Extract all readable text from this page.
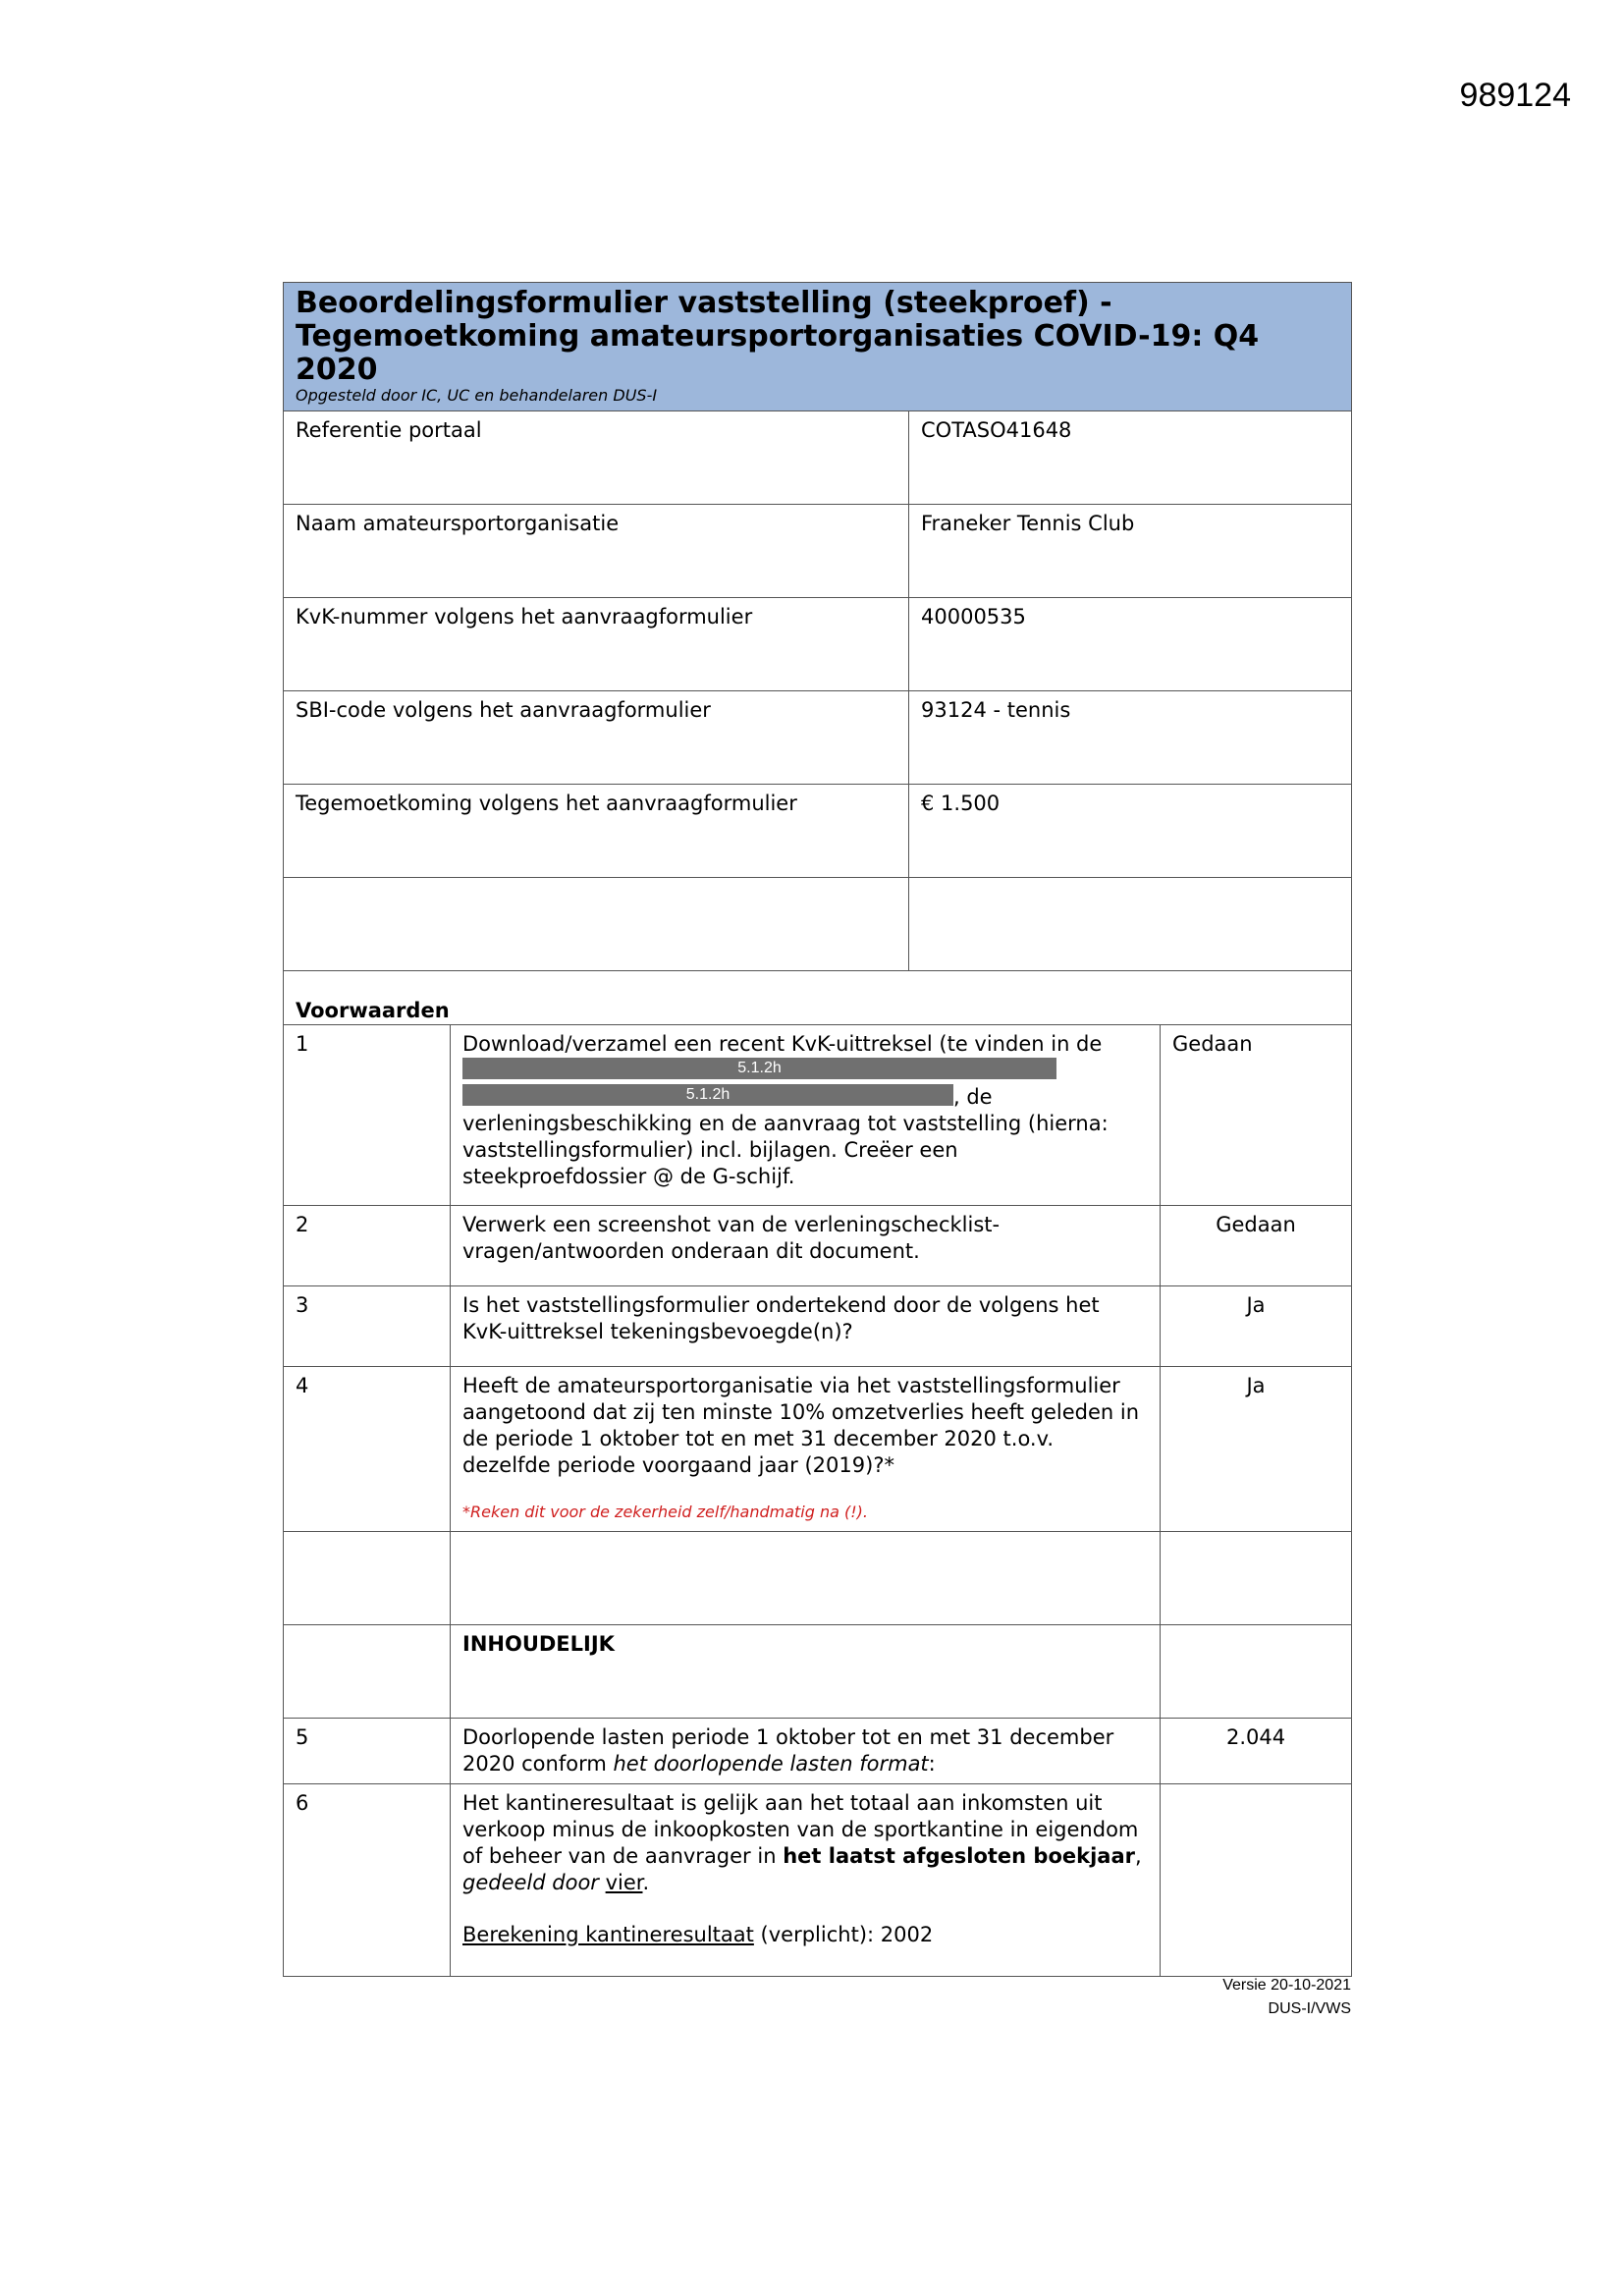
989124
Beoordelingsformulier vaststelling (steekproef) -
Tegemoetkoming amateursportorganisaties COVID-19: Q4 2020
Opgesteld door IC, UC en behandelaren DUS-I			

Referentie portaal		COTASO41648	
Naam amateursportorganisatie		Franeker Tennis Club	
KvK-nummer volgens het aanvraagformulier		40000535	
SBI-code volgens het aanvraagformulier		93124 - tennis	
Tegemoetkoming volgens het aanvraagformulier		€ 1.500	

Voorwaarden			
1	Download/verzamel een recent KvK-uittreksel (te vinden in de
5.1.2h
5.1.2h , de
verleningsbeschikking en de aanvraag tot vaststelling (hierna: vaststellingsformulier) incl. bijlagen. Creëer een steekproefdossier @ de G-schijf.		Gedaan
2	Verwerk een screenshot van de verleningschecklist-vragen/antwoorden onderaan dit document.		Gedaan
3	Is het vaststellingsformulier ondertekend door de volgens het KvK-uittreksel tekeningsbevoegde(n)?		Ja
4	Heeft de amateursportorganisatie via het vaststellingsformulier aangetoond dat zij ten minste 10% omzetverlies heeft geleden in de periode 1 oktober tot en met 31 december 2020 t.o.v. dezelfde periode voorgaand jaar (2019)?*
*Reken dit voor de zekerheid zelf/handmatig na (!).		Ja

	INHOUDELIJK		
5	Doorlopende lasten periode 1 oktober tot en met 31 december 2020 conform het doorlopende lasten format:		2.044
6	Het kantineresultaat is gelijk aan het totaal aan inkomsten uit verkoop minus de inkoopkosten van de sportkantine in eigendom of beheer van de aanvrager in het laatst afgesloten boekjaar, gedeeld door vier.
Berekening kantineresultaat (verplicht): 2002		
Versie 20-10-2021
DUS-I/VWS
